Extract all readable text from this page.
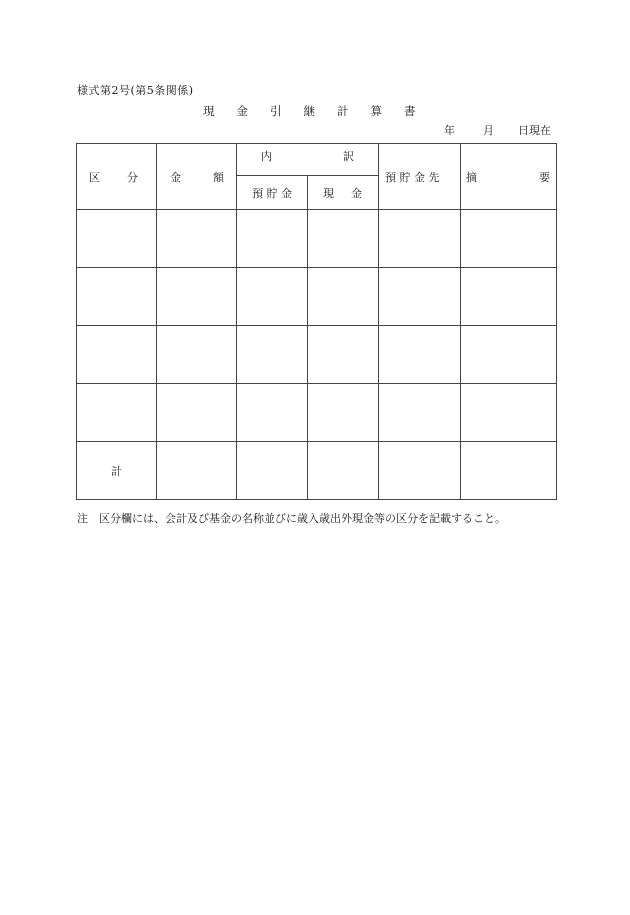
様式第2号(第5条関係)
現 金 引 継 計 算 書
年	月 日現在
区 分	金 額	内 訳		預 貯 金 先	摘 要

		預 貯 金	現 金		

計					
注 区分欄には、会計及び基金の名称並びに歳入歳出外現金等の区分を記載すること。
